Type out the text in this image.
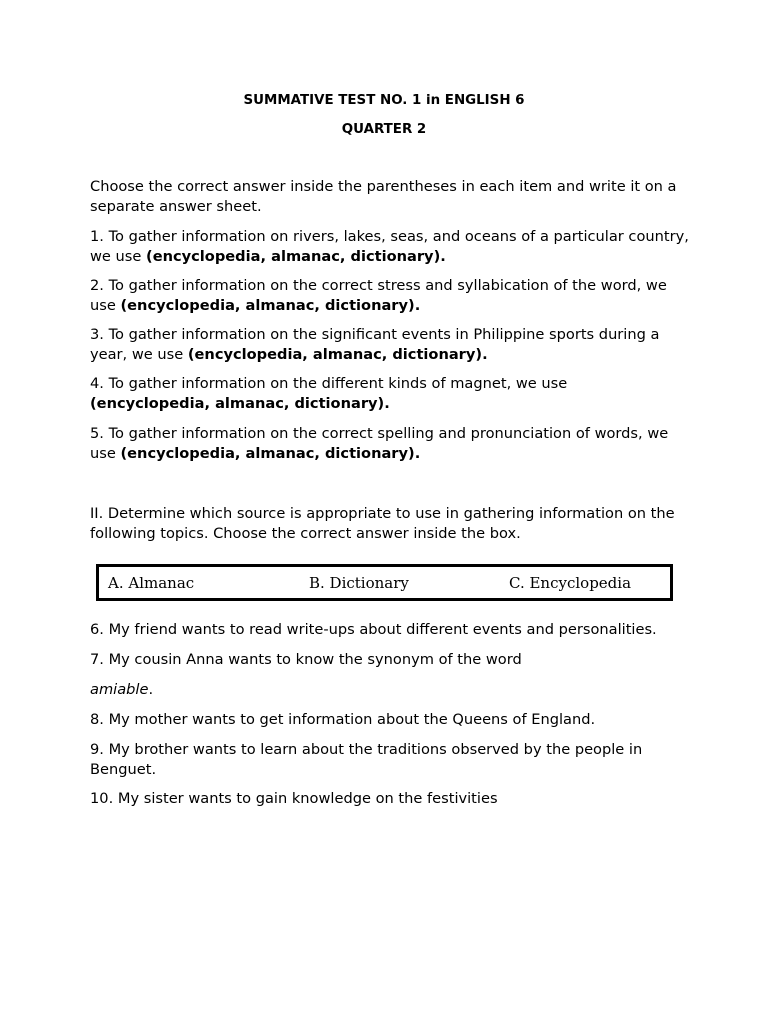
SUMMATIVE TEST NO. 1 in ENGLISH 6
QUARTER 2

Choose the correct answer inside the parentheses in each item and write it on a separate answer sheet.

1. To gather information on rivers, lakes, seas, and oceans of a particular country, we use (encyclopedia, almanac, dictionary).

2. To gather information on the correct stress and syllabication of the word, we use (encyclopedia, almanac, dictionary).

3. To gather information on the significant events in Philippine sports during a year, we use (encyclopedia, almanac, dictionary).

4. To gather information on the different kinds of magnet, we use (encyclopedia, almanac, dictionary).

5. To gather information on the correct spelling and pronunciation of words, we use (encyclopedia, almanac, dictionary).

II. Determine which source is appropriate to use in gathering information on the following topics. Choose the correct answer inside the box.

A. Almanac	B. Dictionary	C. Encyclopedia

6. My friend wants to read write-ups about different events and personalities.

7. My cousin Anna wants to know the synonym of the word

amiable.

8. My mother wants to get information about the Queens of England.

9. My brother wants to learn about the traditions observed by the people in Benguet.

10. My sister wants to gain knowledge on the festivities
